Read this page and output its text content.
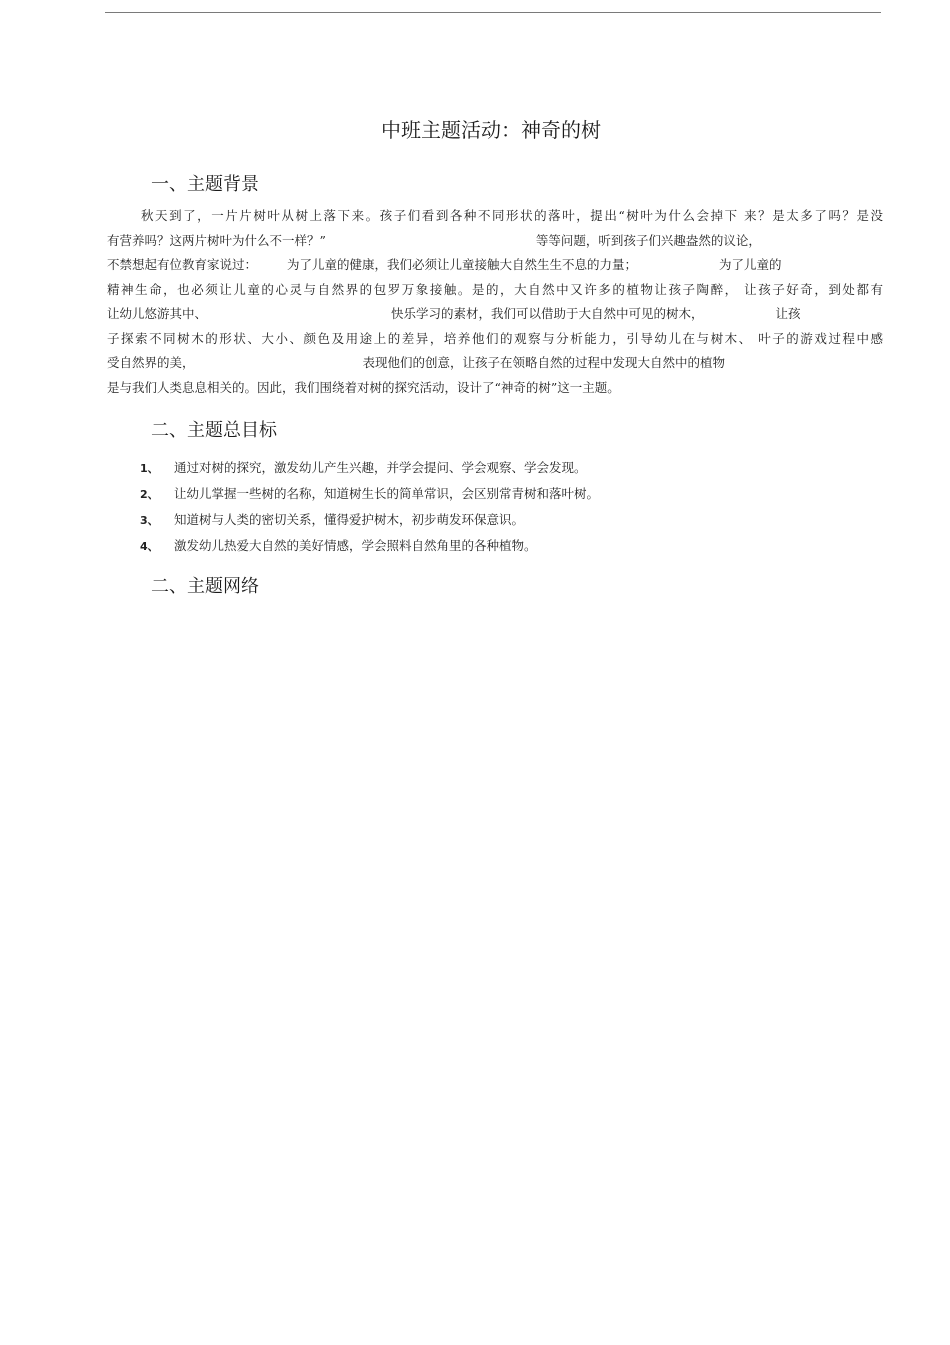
中班主题活动：神奇的树
一、主题背景
秋天到了，一片片树叶从树上落下来。孩子们看到各种不同形状的落叶，提出“树叶为什么会掉下 来？是太多了吗？是没
有营养吗？这两片树叶为什么不一样？”	等等问题，听到孩子们兴趣盎然的议论，
不禁想起有位教育家说过： 为了儿童的健康，我们必须让儿童接触大自然生生不息的力量；	为了儿童的
精神生命，也必须让儿童的心灵与自然界的包罗万象接触。是的，大自然中又许多的植物让孩子陶醉， 让孩子好奇，到处都有
让幼儿悠游其中、	快乐学习的素材，我们可以借助于大自然中可见的树木，	让孩
子探索不同树木的形状、大小、颜色及用途上的差异，培养他们的观察与分析能力，引导幼儿在与树木、 叶子的游戏过程中感
受自然界的美，	表现他们的创意，让孩子在领略自然的过程中发现大自然中的植物
是与我们人类息息相关的。因此，我们围绕着对树的探究活动，设计了“神奇的树”这一主题。
二、主题总目标
1、 通过对树的探究，激发幼儿产生兴趣，并学会提问、学会观察、学会发现。
2、 让幼儿掌握一些树的名称，知道树生长的简单常识，会区别常青树和落叶树。
3、 知道树与人类的密切关系，懂得爱护树木，初步萌发环保意识。
4、 激发幼儿热爱大自然的美好情感，学会照料自然角里的各种植物。
二、主题网络
